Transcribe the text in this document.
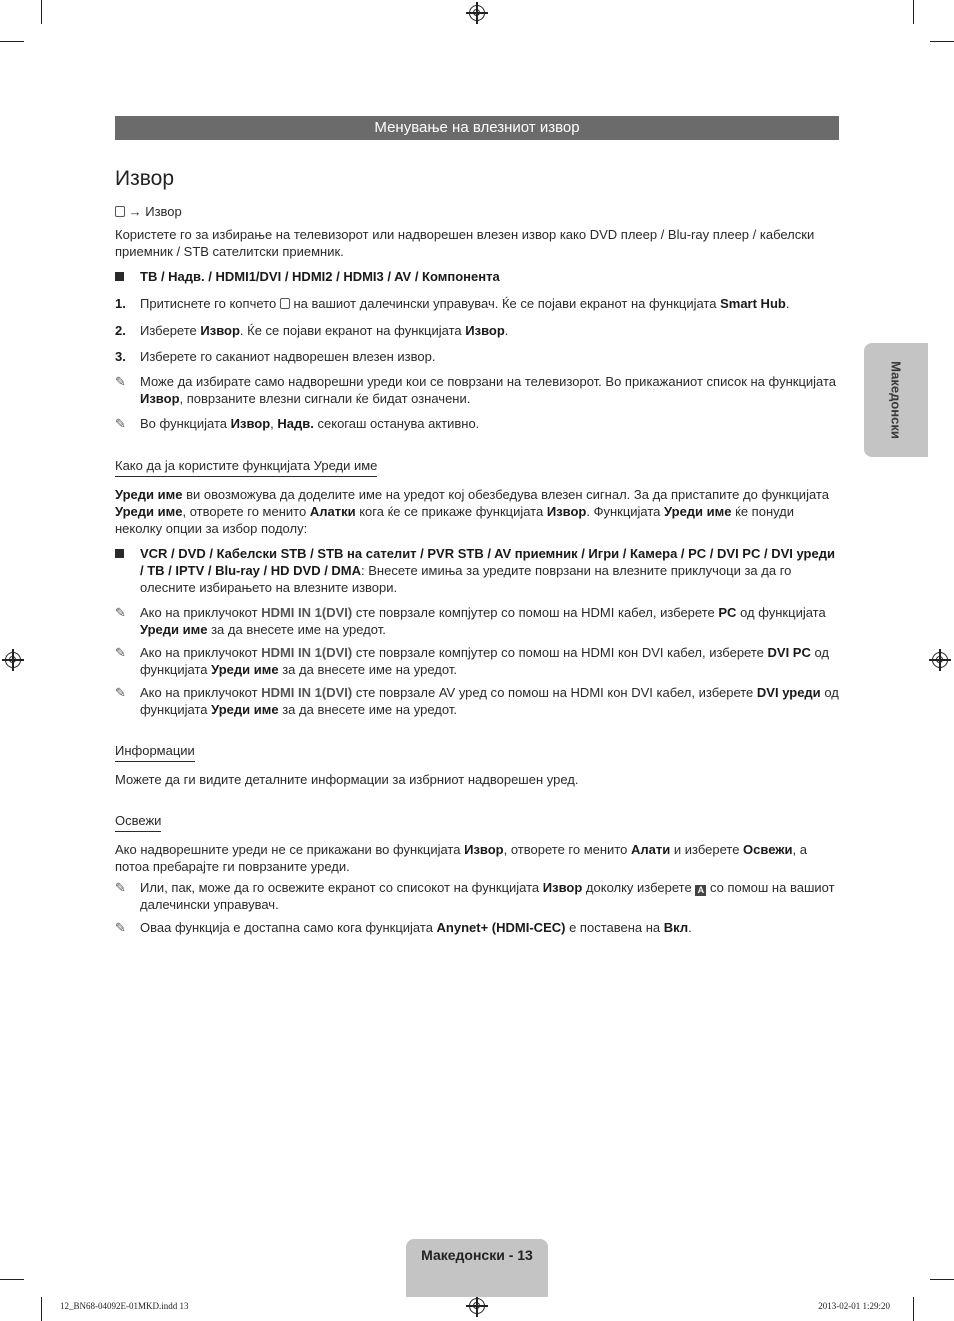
Менување на влезниот извор
Извор

→ Извор

Користете го за избирање на телевизорот или надворешен влезен извор како DVD плеер / Blu-ray плеер / кабелски приемник / STB сателитски приемник.

ТВ / Надв. / HDMI1/DVI / HDMI2 / HDMI3 / AV / Компонента
1.	Притиснете го копчето на вашиот далечински управувач. Ќе се појави екранот на функцијата Smart Hub.
2.	Изберете Извор. Ќе се појави екранот на функцијата Извор.
3.	Изберете го саканиот надворешен влезен извор.
✎	Може да избирате само надворешни уреди кои се поврзани на телевизорот. Во прикажаниот список на функцијата Извор, поврзаните влезни сигнали ќе бидат означени.
✎	Во функцијата Извор, Надв. секогаш останува активно.
Како да ја користите функцијата Уреди име

Уреди име ви овозможува да доделите име на уредот кој обезбедува влезен сигнал. За да пристапите до функцијата Уреди име, отворете го менито Алатки кога ќе се прикаже функцијата Извор. Функцијата Уреди име ќе понуди неколку опции за избор подолу:

VCR / DVD / Кабелски STB / STB на сателит / PVR STB / AV приемник / Игри / Камера / PC / DVI PC / DVI уреди / ТВ / IPTV / Blu-ray / HD DVD / DMA: Внесете имиња за уредите поврзани на влезните приклучоци за да го олесните избирањето на влезните извори.
✎	Ако на приклучокот HDMI IN 1(DVI) сте поврзале компјутер со помош на HDMI кабел, изберете PC од функцијата Уреди име за да внесете име на уредот.
✎	Ако на приклучокот HDMI IN 1(DVI) сте поврзале компјутер со помош на HDMI кон DVI кабел, изберете DVI PC од функцијата Уреди име за да внесете име на уредот.
✎	Ако на приклучокот HDMI IN 1(DVI) сте поврзале AV уред со помош на HDMI кон DVI кабел, изберете DVI уреди од функцијата Уреди име за да внесете име на уредот.
Информации

Можете да ги видите деталните информации за избрниот надворешен уред.

Освежи

Ако надворешните уреди не се прикажани во функцијата Извор, отворете го менито Алати и изберете Освежи, а потоа пребарајте ги поврзаните уреди.

✎	Или, пак, може да го освежите екранот со списокот на функцијата Извор доколку изберете A со помош на вашиот далечински управувач.
✎	Оваа функција е достапна само кога функцијата Anynet+ (HDMI-CEC) е поставена на Вкл.
Македонски
Македонски - 13
12_BN68-04092E-01MKD.indd 13	2013-02-01 1:29:20
